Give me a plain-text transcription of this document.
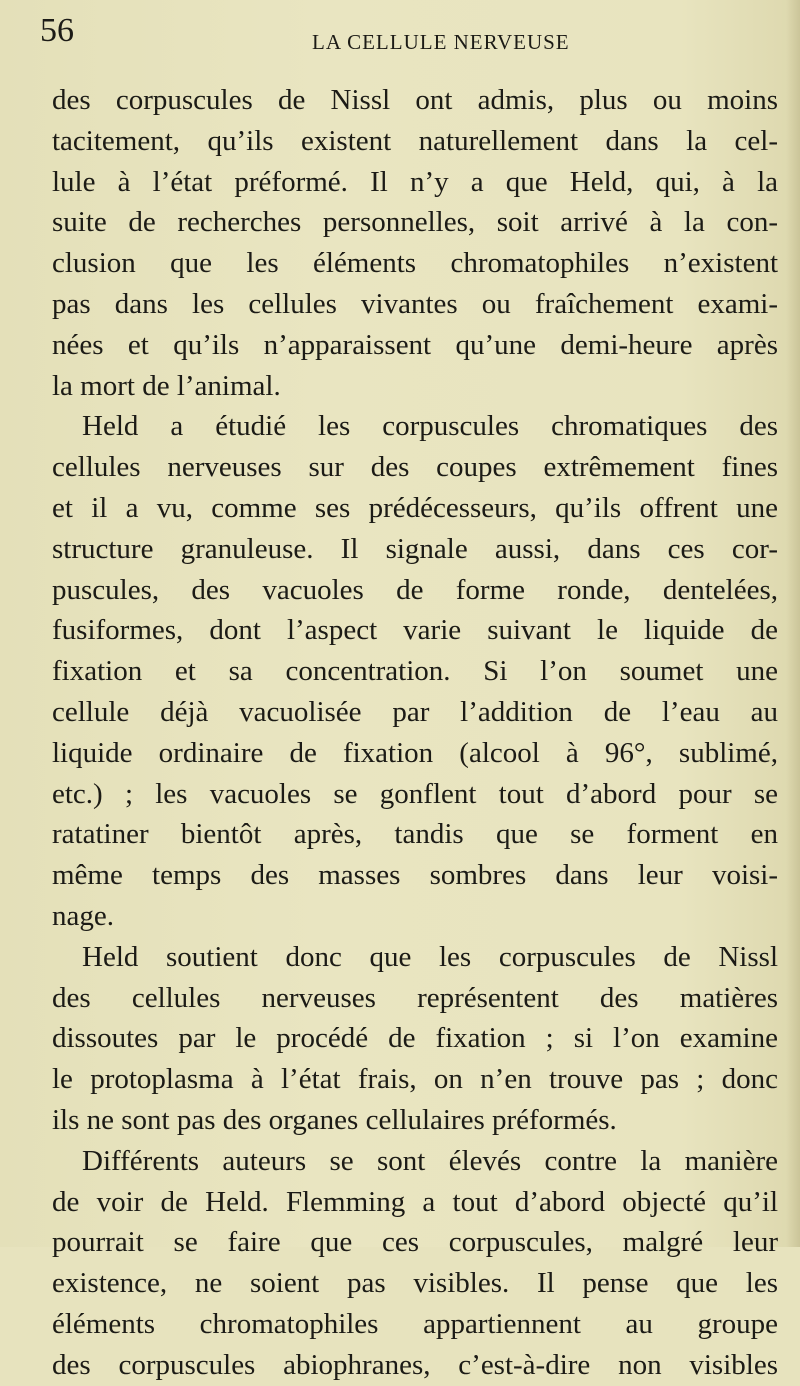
56	LA CELLULE NERVEUSE
des corpuscules de Nissl ont admis, plus ou moins
tacitement, qu’ils existent naturellement dans la cel-
lule à l’état préformé. Il n’y a que Held, qui, à la
suite de recherches personnelles, soit arrivé à la con-
clusion que les éléments chromatophiles n’existent
pas dans les cellules vivantes ou fraîchement exami-
nées et qu’ils n’apparaissent qu’une demi-heure après
la mort de l’animal.
Held a étudié les corpuscules chromatiques des
cellules nerveuses sur des coupes extrêmement fines
et il a vu, comme ses prédécesseurs, qu’ils offrent une
structure granuleuse. Il signale aussi, dans ces cor-
puscules, des vacuoles de forme ronde, dentelées,
fusiformes, dont l’aspect varie suivant le liquide de
fixation et sa concentration. Si l’on soumet une
cellule déjà vacuolisée par l’addition de l’eau au
liquide ordinaire de fixation (alcool à 96°, sublimé,
etc.) ; les vacuoles se gonflent tout d’abord pour se
ratatiner bientôt après, tandis que se forment en
même temps des masses sombres dans leur voisi-
nage.
Held soutient donc que les corpuscules de Nissl
des cellules nerveuses représentent des matières
dissoutes par le procédé de fixation ; si l’on examine
le protoplasma à l’état frais, on n’en trouve pas ; donc
ils ne sont pas des organes cellulaires préformés.
Différents auteurs se sont élevés contre la manière
de voir de Held. Flemming a tout d’abord objecté qu’il
pourrait se faire que ces corpuscules, malgré leur
existence, ne soient pas visibles. Il pense que les
éléments chromatophiles appartiennent au groupe
des corpuscules abiophranes, c’est-à-dire non visibles
